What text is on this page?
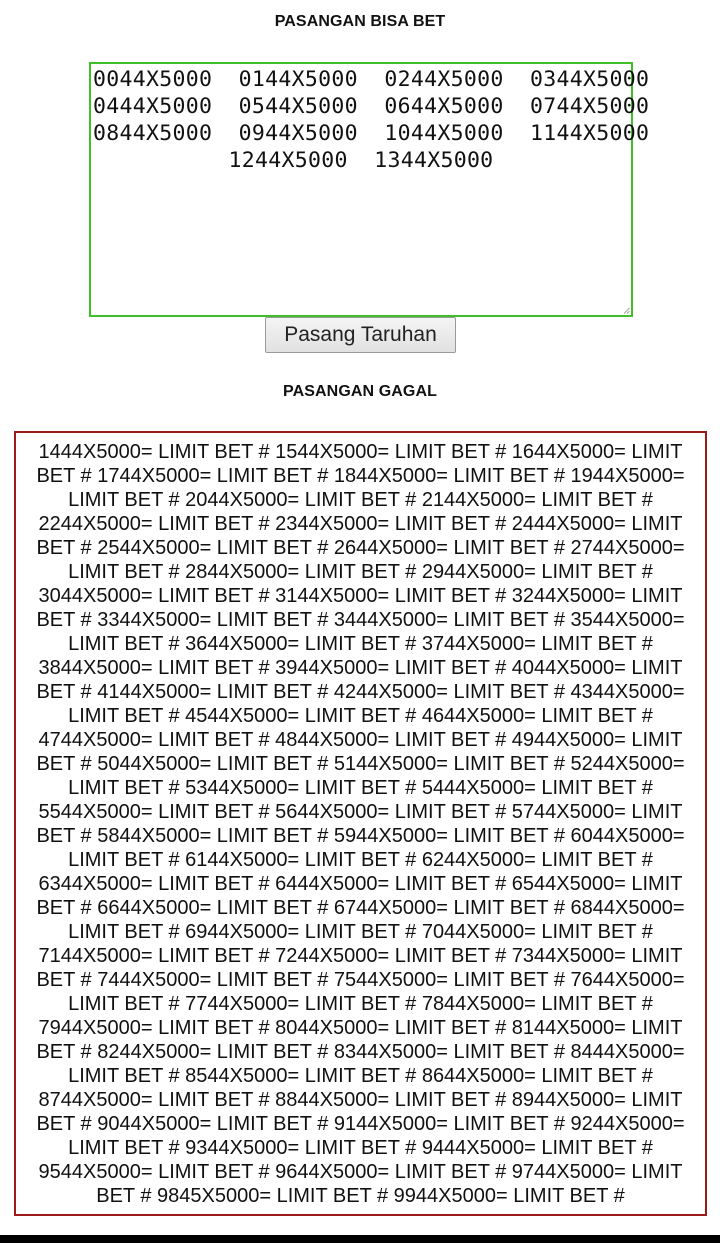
PASANGAN BISA BET
0044X5000  0144X5000  0244X5000  0344X5000
0444X5000  0544X5000  0644X5000  0744X5000
0844X5000  0944X5000  1044X5000  1144X5000
1244X5000  1344X5000
Pasang Taruhan
PASANGAN GAGAL
1444X5000= LIMIT BET # 1544X5000= LIMIT BET # 1644X5000= LIMIT
BET # 1744X5000= LIMIT BET # 1844X5000= LIMIT BET # 1944X5000=
LIMIT BET # 2044X5000= LIMIT BET # 2144X5000= LIMIT BET #
2244X5000= LIMIT BET # 2344X5000= LIMIT BET # 2444X5000= LIMIT
BET # 2544X5000= LIMIT BET # 2644X5000= LIMIT BET # 2744X5000=
LIMIT BET # 2844X5000= LIMIT BET # 2944X5000= LIMIT BET #
3044X5000= LIMIT BET # 3144X5000= LIMIT BET # 3244X5000= LIMIT
BET # 3344X5000= LIMIT BET # 3444X5000= LIMIT BET # 3544X5000=
LIMIT BET # 3644X5000= LIMIT BET # 3744X5000= LIMIT BET #
3844X5000= LIMIT BET # 3944X5000= LIMIT BET # 4044X5000= LIMIT
BET # 4144X5000= LIMIT BET # 4244X5000= LIMIT BET # 4344X5000=
LIMIT BET # 4544X5000= LIMIT BET # 4644X5000= LIMIT BET #
4744X5000= LIMIT BET # 4844X5000= LIMIT BET # 4944X5000= LIMIT
BET # 5044X5000= LIMIT BET # 5144X5000= LIMIT BET # 5244X5000=
LIMIT BET # 5344X5000= LIMIT BET # 5444X5000= LIMIT BET #
5544X5000= LIMIT BET # 5644X5000= LIMIT BET # 5744X5000= LIMIT
BET # 5844X5000= LIMIT BET # 5944X5000= LIMIT BET # 6044X5000=
LIMIT BET # 6144X5000= LIMIT BET # 6244X5000= LIMIT BET #
6344X5000= LIMIT BET # 6444X5000= LIMIT BET # 6544X5000= LIMIT
BET # 6644X5000= LIMIT BET # 6744X5000= LIMIT BET # 6844X5000=
LIMIT BET # 6944X5000= LIMIT BET # 7044X5000= LIMIT BET #
7144X5000= LIMIT BET # 7244X5000= LIMIT BET # 7344X5000= LIMIT
BET # 7444X5000= LIMIT BET # 7544X5000= LIMIT BET # 7644X5000=
LIMIT BET # 7744X5000= LIMIT BET # 7844X5000= LIMIT BET #
7944X5000= LIMIT BET # 8044X5000= LIMIT BET # 8144X5000= LIMIT
BET # 8244X5000= LIMIT BET # 8344X5000= LIMIT BET # 8444X5000=
LIMIT BET # 8544X5000= LIMIT BET # 8644X5000= LIMIT BET #
8744X5000= LIMIT BET # 8844X5000= LIMIT BET # 8944X5000= LIMIT
BET # 9044X5000= LIMIT BET # 9144X5000= LIMIT BET # 9244X5000=
LIMIT BET # 9344X5000= LIMIT BET # 9444X5000= LIMIT BET #
9544X5000= LIMIT BET # 9644X5000= LIMIT BET # 9744X5000= LIMIT
BET # 9845X5000= LIMIT BET # 9944X5000= LIMIT BET #
